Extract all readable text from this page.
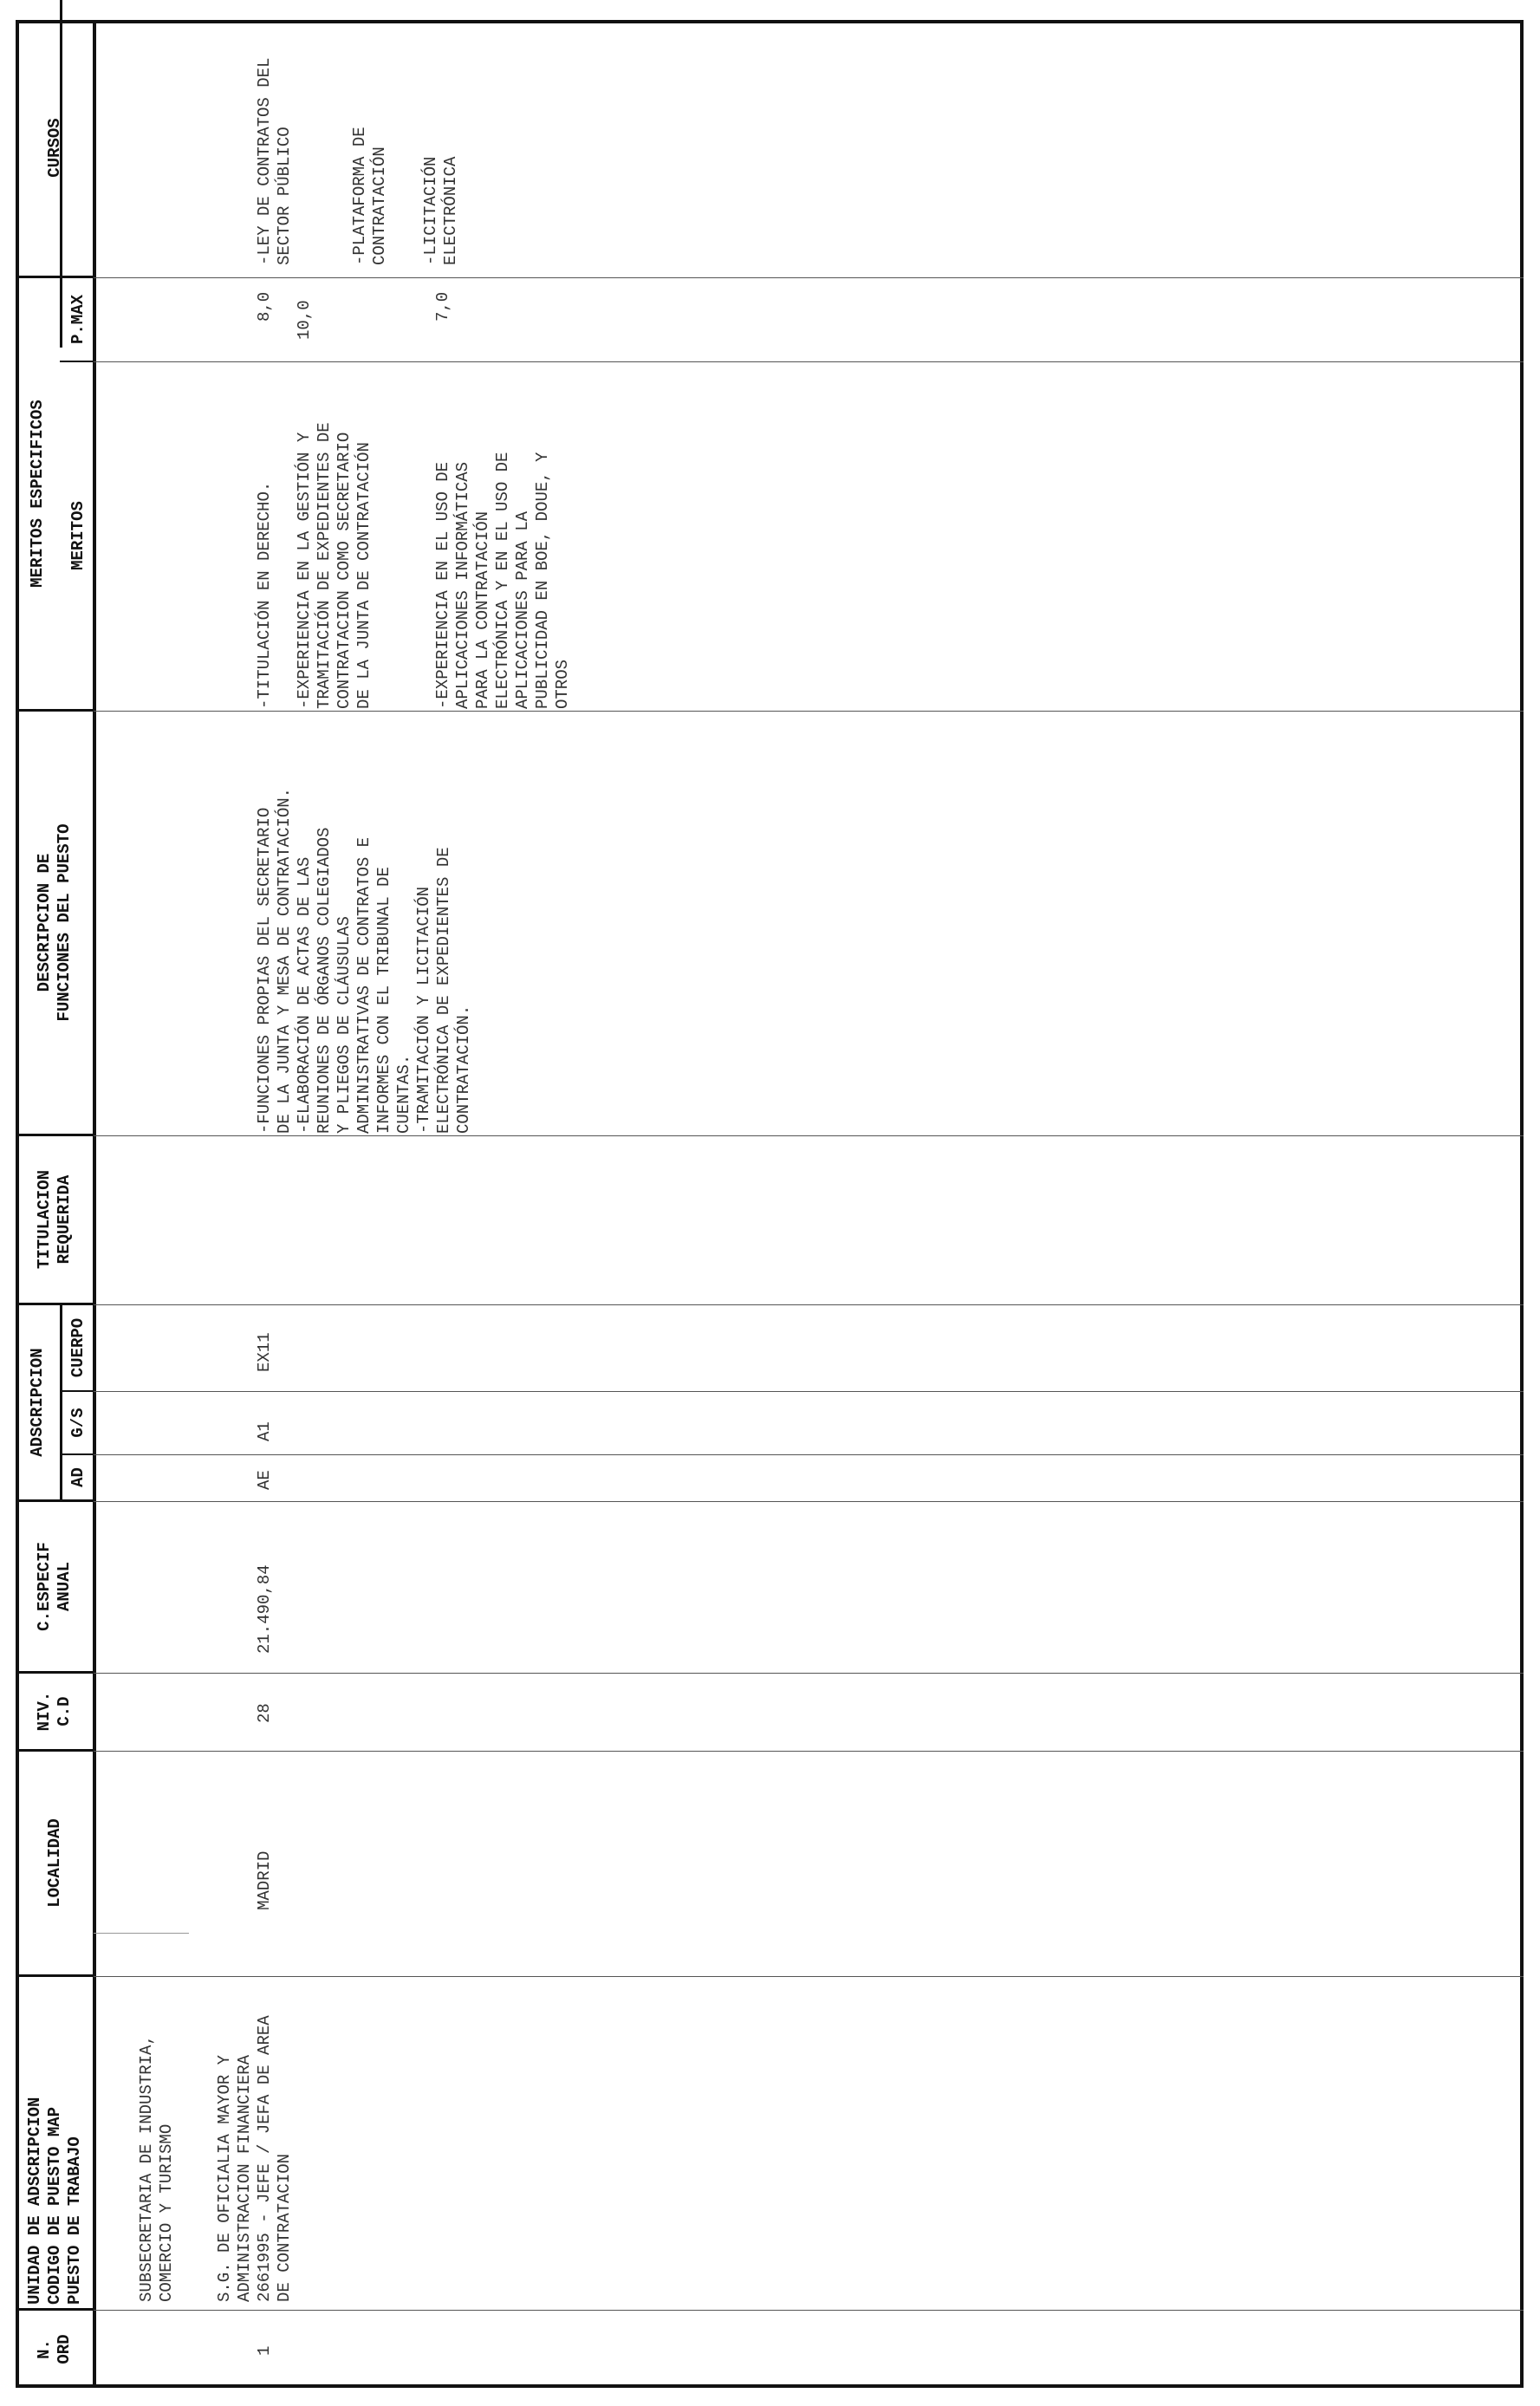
N.
ORD
UNIDAD DE ADSCRIPCION
CODIGO DE PUESTO MAP
PUESTO DE TRABAJO
LOCALIDAD
NIV.
C.D
C.ESPECIF
ANUAL
ADSCRIPCION
AD
G/S
CUERPO
TITULACION
REQUERIDA
DESCRIPCION DE
FUNCIONES DEL PUESTO
MERITOS ESPECIFICOS	MERITOS
P.MAX
CURSOS
SUBSECRETARIA DE INDUSTRIA,
COMERCIO Y TURISMO
S.G. DE OFICIALIA MAYOR Y
ADMINISTRACION FINANCIERA
1
2661995 - JEFE / JEFA DE AREA
DE CONTRATACION
MADRID
28
21.490,84
AE
A1
EX11
-FUNCIONES PROPIAS DEL SECRETARIO
DE LA JUNTA Y MESA DE CONTRATACIÓN.
-ELABORACIÓN DE ACTAS DE LAS
REUNIONES DE ÓRGANOS COLEGIADOS
Y PLIEGOS DE CLÁUSULAS
ADMINISTRATIVAS DE CONTRATOS E
INFORMES CON EL TRIBUNAL DE
CUENTAS.
-TRAMITACIÓN Y LICITACIÓN
ELECTRÓNICA DE EXPEDIENTES DE
CONTRATACIÓN.
-TITULACIÓN EN DERECHO.
8,0
-EXPERIENCIA EN LA GESTIÓN Y
TRAMITACIÓN DE EXPEDIENTES DE
CONTRATACION COMO SECRETARIO
DE LA JUNTA DE CONTRATACIÓN
10,0
-EXPERIENCIA EN EL USO DE
APLICACIONES INFORMÁTICAS
PARA LA CONTRATACIÓN
ELECTRÓNICA Y EN EL USO DE
APLICACIONES PARA LA
PUBLICIDAD EN BOE, DOUE, Y
OTROS
7,0
-LEY DE CONTRATOS DEL
SECTOR PÚBLICO	-PLATAFORMA DE
CONTRATACIÓN -LICITACIÓN
ELECTRÓNICA
